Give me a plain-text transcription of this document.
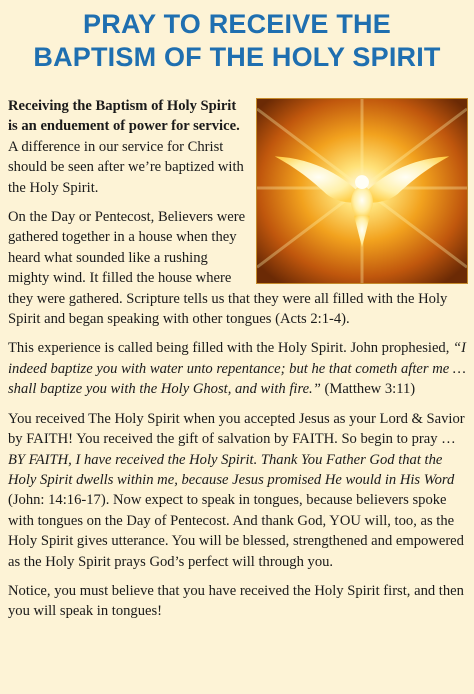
PRAY TO RECEIVE THE
BAPTISM OF THE HOLY SPIRIT

Receiving the Baptism of Holy Spirit is an enduement of power for service. A difference in our service for Christ should be seen after we’re baptized with the Holy Spirit.

On the Day or Pentecost, Believers were gathered together in a house when they heard what sounded like a rushing mighty wind. It filled the house where they were gathered. Scripture tells us that they were all filled with the Holy Spirit and began speaking with other tongues (Acts 2:1-4).

This experience is called being filled with the Holy Spirit. John prophesied, “I indeed baptize you with water unto repentance; but he that cometh after me … shall baptize you with the Holy Ghost, and with fire.” (Matthew 3:11)

You received The Holy Spirit when you accepted Jesus as your Lord & Savior by FAITH! You received the gift of salvation by FAITH. So begin to pray … BY FAITH, I have received the Holy Spirit. Thank You Father God that the Holy Spirit dwells within me, because Jesus promised He would in His Word (John: 14:16-17). Now expect to speak in tongues, because believers spoke with tongues on the Day of Pentecost. And thank God, YOU will, too, as the Holy Spirit gives utterance. You will be blessed, strengthened and empowered as the Holy Spirit prays God’s perfect will through you.

Notice, you must believe that you have received the Holy Spirit first, and then you will speak in tongues!
